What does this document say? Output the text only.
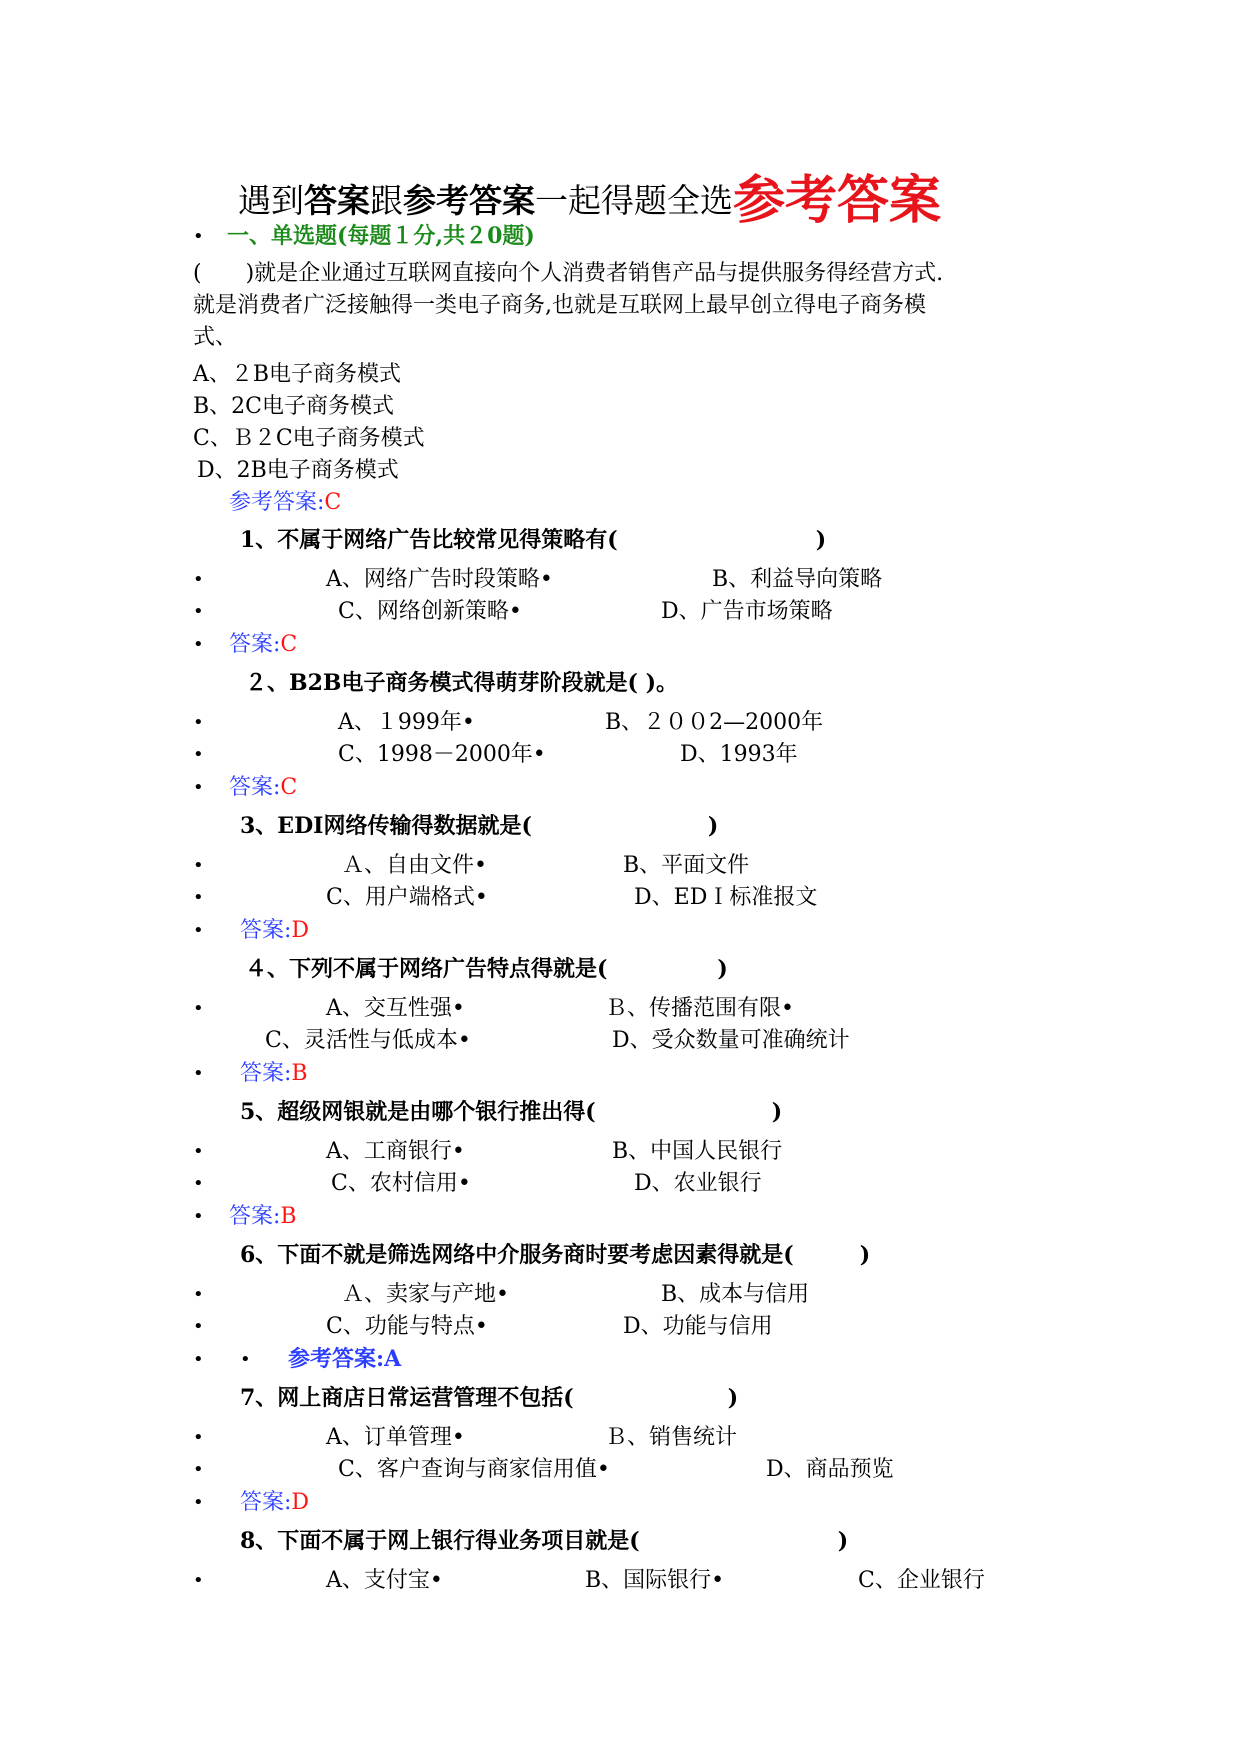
遇到答案跟参考答案一起得题全选参考答案
• 一、单选题(每题１分,共２0题)
(　　)就是企业通过互联网直接向个人消费者销售产品与提供服务得经营方式.
就是消费者广泛接触得一类电子商务,也就是互联网上最早创立得电子商务模
式、
A、２B电子商务模式
B、2C电子商务模式
C、Ｂ２C电子商务模式
D、2B电子商务模式
参考答案:C
1、不属于网络广告比较常见得策略有(　　　　　　　　　)
•	A、网络广告时段策略•	B、利益导向策略
•	C、网络创新策略•	D、广告市场策略
• 答案:C
２、B2B电子商务模式得萌芽阶段就是( )。
•	A、１999年•	B、２００2—2000年
•	C、1998－2000年•	D、1993年
• 答案:C
3、EDI网络传输得数据就是(　　　　　　　　)
•	Ａ、自由文件•	B、平面文件
•	C、用户端格式•	D、EDＩ标准报文
• 答案:D
４、下列不属于网络广告特点得就是(　　　　　)
•	A、交互性强•	Ｂ、传播范围有限•
C、灵活性与低成本•	D、受众数量可准确统计
• 答案:B
5、超级网银就是由哪个银行推出得(　　　　　　　　)
•	A、工商银行•	B、中国人民银行
•	C、农村信用•	D、农业银行
• 答案:B
6、下面不就是筛选网络中介服务商时要考虑因素得就是(　　　)
•	Ａ、卖家与产地•	B、成本与信用
•	C、功能与特点•	D、功能与信用
• • 参考答案:A
7、网上商店日常运营管理不包括(　　　　　　　)
•	A、订单管理•	Ｂ、销售统计
•	C、客户查询与商家信用值•	D、商品预览
• 答案:D
8、下面不属于网上银行得业务项目就是(　　　　　　　　　)
•	A、支付宝•	B、国际银行•	C、企业银行
